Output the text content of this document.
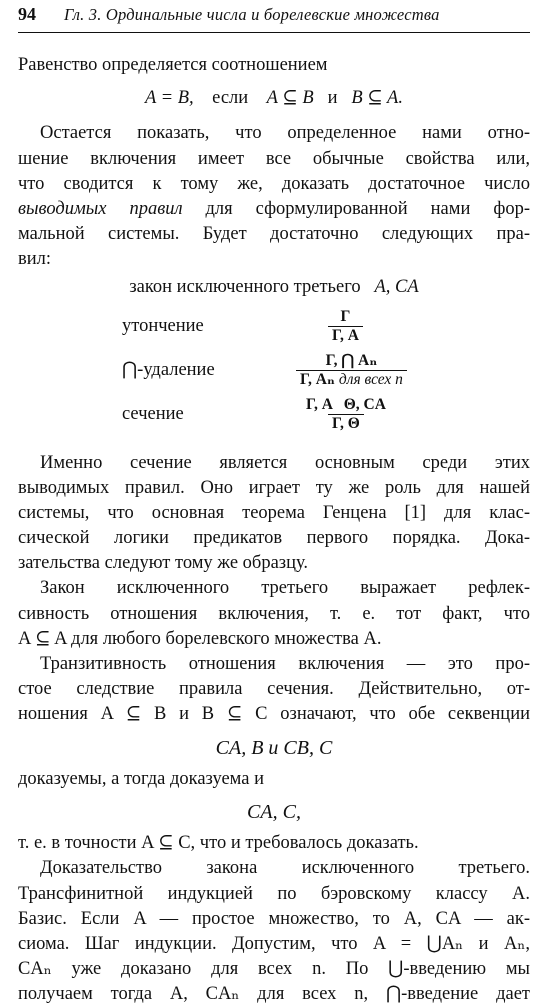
94 Гл. 3. Ординальные числа и борелевские множества

Равенство определяется соотношением

A = B, если A ⊆ B и B ⊆ A.
Остается показать, что определенное нами отно-
шение включения имеет все обычные свойства или,
что сводится к тому же, доказать достаточное число
выводимых правил для сформулированной нами фор-
мальной системы. Будет достаточно следующих пра-
вил:
закон исключенного третьего A, CA
утончение	$\frac{\Gamma}{\Gamma, A}$
⋂-удаление	$\frac{\text{Γ, ⋂ Aₙ}}{\text{Γ, Aₙ для всех n}}$
сечение	$\frac{\text{Γ, A   Θ, CA}}{\Gamma, \Theta}$
Именно сечение является основным среди этих
выводимых правил. Оно играет ту же роль для нашей
системы, что основная теорема Генцена [1] для клас-
сической логики предикатов первого порядка. Дока-
зательства следуют тому же образцу.
Закон исключенного третьего выражает рефлек-
сивность отношения включения, т. е. тот факт, что
A ⊆ A для любого борелевского множества A.
Транзитивность отношения включения — это про-
стое следствие правила сечения. Действительно, от-
ношения A ⊆ B и B ⊆ C означают, что обе секвенции
CA, B и CB, C
доказуемы, а тогда доказуема и
CA, C,
т. е. в точности A ⊆ C, что и требовалось доказать.
Доказательство закона исключенного третьего.
Трансфинитной индукцией по бэровскому классу A.
Базис. Если A — простое множество, то A, CA — ак-
сиома. Шаг индукции. Допустим, что A = ⋃Aₙ и Aₙ,
CAₙ уже доказано для всех n. По ⋃-введению мы
получаем тогда A, CAₙ для всех n, ⋂-введение дает
